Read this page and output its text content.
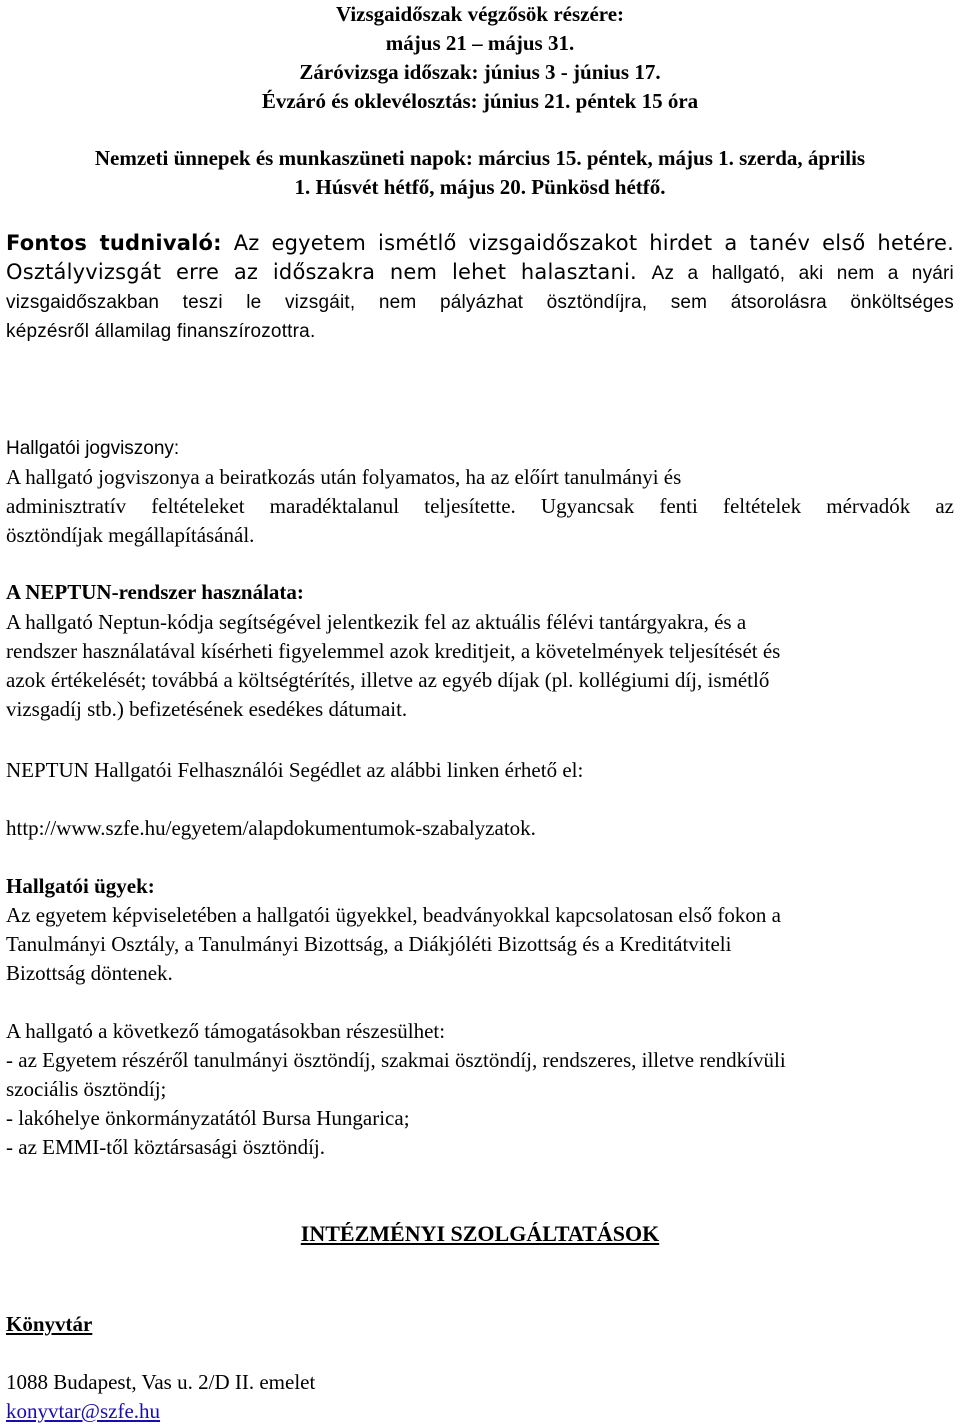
Vizsgaidőszak végzősök részére:
május 21 – május 31.
Záróvizsga időszak: június 3 - június 17.
Évzáró és oklevélosztás: június 21. péntek 15 óra
Nemzeti ünnepek és munkaszüneti napok: március 15. péntek, május 1. szerda, április
1. Húsvét hétfő, május 20. Pünkösd hétfő.
Fontos tudnivaló: Az egyetem ismétlő vizsgaidőszakot hirdet a tanév első hetére.
Osztályvizsgát erre az időszakra nem lehet halasztani. Az a hallgató, aki nem a nyári
vizsgaidőszakban teszi le vizsgáit, nem pályázhat ösztöndíjra, sem átsorolásra önköltséges
képzésről államilag finanszírozottra.
Hallgatói jogviszony:
A hallgató jogviszonya a beiratkozás után folyamatos, ha az előírt tanulmányi és
adminisztratív feltételeket maradéktalanul teljesítette. Ugyancsak fenti feltételek mérvadók az
ösztöndíjak megállapításánál.
A NEPTUN-rendszer használata:
A hallgató Neptun-kódja segítségével jelentkezik fel az aktuális félévi tantárgyakra, és a
rendszer használatával kísérheti figyelemmel azok kreditjeit, a követelmények teljesítését és
azok értékelését; továbbá a költségtérítés, illetve az egyéb díjak (pl. kollégiumi díj, ismétlő
vizsgadíj stb.) befizetésének esedékes dátumait.
NEPTUN Hallgatói Felhasználói Segédlet az alábbi linken érhető el:
http://www.szfe.hu/egyetem/alapdokumentumok-szabalyzatok.
Hallgatói ügyek:
Az egyetem képviseletében a hallgatói ügyekkel, beadványokkal kapcsolatosan első fokon a
Tanulmányi Osztály, a Tanulmányi Bizottság, a Diákjóléti Bizottság és a Kreditátviteli
Bizottság döntenek.
A hallgató a következő támogatásokban részesülhet:
- az Egyetem részéről tanulmányi ösztöndíj, szakmai ösztöndíj, rendszeres, illetve rendkívüli
szociális ösztöndíj;
- lakóhelye önkormányzatától Bursa Hungarica;
- az EMMI-től köztársasági ösztöndíj.
INTÉZMÉNYI SZOLGÁLTATÁSOK
Könyvtár
1088 Budapest, Vas u. 2/D II. emelet
konyvtar@szfe.hu
